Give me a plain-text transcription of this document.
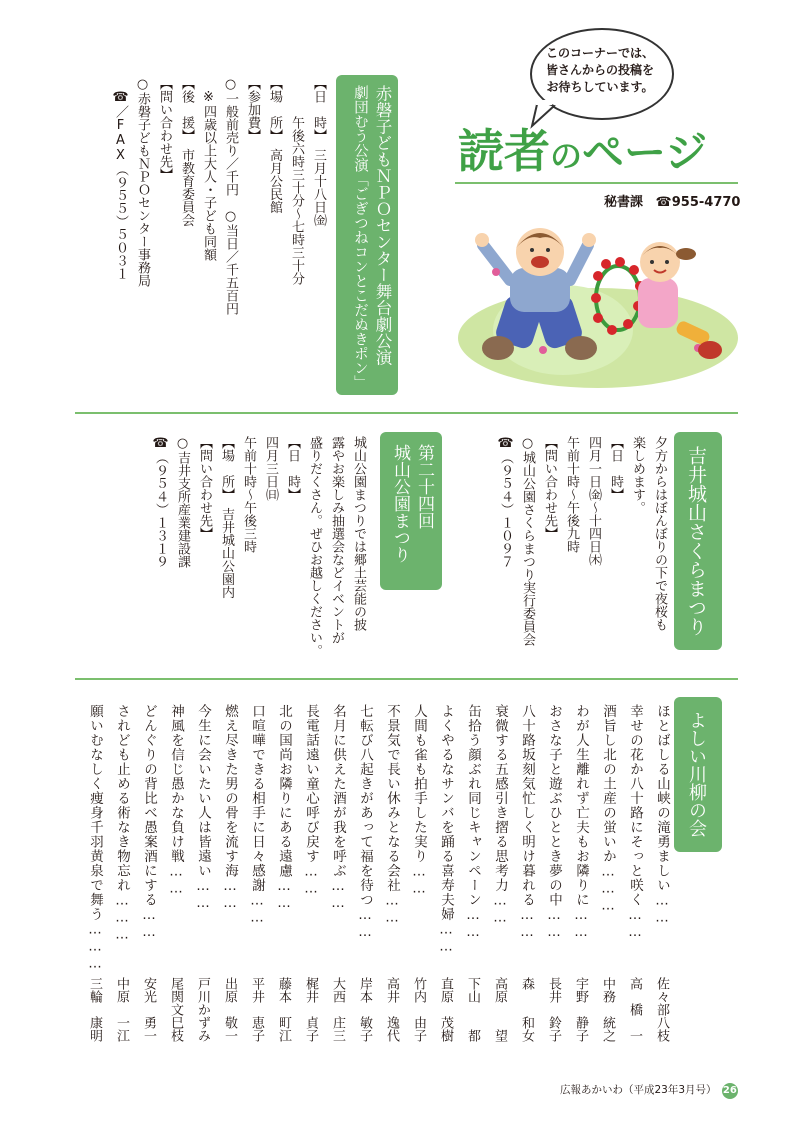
このコーナーでは、
皆さんからの投稿を
お待ちしています。
読者のページ
秘書課 ☎955-4770
赤磐子どもＮＰＯセンター舞台劇公演
劇団むう公演「ごぎつねコンとこだぬきポン」
【日　時】　三月十八日㈮
　　　午後六時三十分～七時三十分
【場　所】　高月公民館
【参加費】
○一般前売り／千円　○当日／千五百円
　※四歳以上大人・子ども同額
【後　援】　市教育委員会
【問い合わせ先】
○赤磐子どもＮＰＯセンター事務局
　☎／FAX（９５５）５０３１
吉井城山さくらまつり
夕方からはぼんぼりの下で夜桜も
楽しめます。
【日　時】
四月一日㈮～十四日㈭
午前十時～午後九時
【問い合わせ先】
○城山公園さくらまつり実行委員会
☎（９５４）１０９７
第二十四回
城山公園まつり
城山公園まつりでは郷土芸能の披
露やお楽しみ抽選会などイベントが
盛りだくさん。ぜひお越しください。
【日　時】
四月三日㈰
午前十時～午後三時
【場　所】　吉井城山公園内
【問い合わせ先】
○吉井支所産業建設課
☎（９５４）１３１９
よしい川柳の会
ほとばしる山峡の滝勇ましい……
佐々部八枝
幸せの花か八十路にそっと咲く……
高　橋　一
酒旨し北の土産の蛍いか………
中務　統之
わが人生離れず亡夫もお隣りに……
宇野　静子
おさな子と遊ぶひととき夢の中……
長井　鈴子
八十路坂刻気忙しく明け暮れる……
森　　和女
衰微する五感引き摺る思考力……
高原　　望
缶拾う顔ぶれ同じキャンペーン……
下山　　都
よくやるなサンバを踊る喜寿夫婦……
直原　茂樹
人間も雀も拍手した実り……
竹内　由子
不景気で長い休みとなる会社……
高井　逸代
七転び八起きがあって福を待つ……
岸本　敏子
名月に供えた酒が我を呼ぶ……
大西　庄三
長電話遠い童心呼び戻す……
梶井　貞子
北の国尚お隣りにある遠慮……
藤本　町江
口喧嘩できる相手に日々感謝……
平井　恵子
燃え尽きた男の骨を流す海……
出原　敬一
今生に会いたい人は皆遠い……
戸川かずみ
神風を信じ愚かな負け戦……
尾関文巳枝
どんぐりの背比べ愚案酒にする……
安光　勇一
されども止める術なき物忘れ………
中原　一江
願いむなしく痩身千羽黄泉で舞う………
三輪　康明
広報あかいわ（平成23年3月号） 26
